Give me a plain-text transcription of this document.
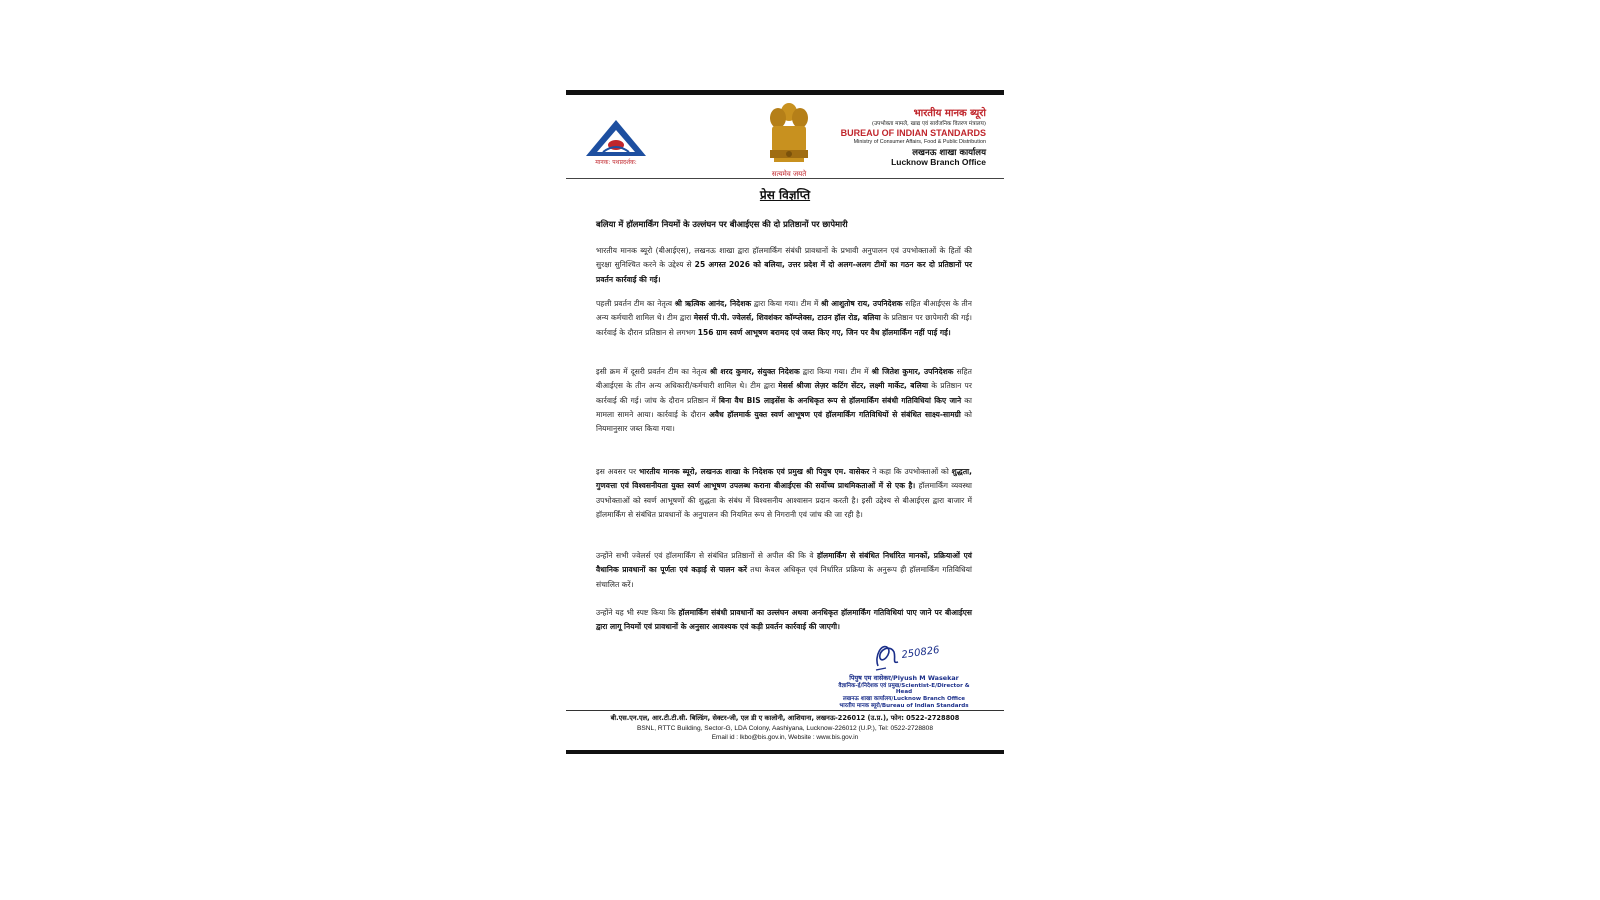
मानक: पथप्रदर्शक:
सत्यमेव जयते
भारतीय मानक ब्यूरो
(उपभोक्ता मामले, खाद्य एवं सार्वजनिक वितरण मंत्रालय)
BUREAU OF INDIAN STANDARDS
Ministry of Consumer Affairs, Food & Public Distribution
लखनऊ शाखा कार्यालय
Lucknow Branch Office
प्रेस विज्ञप्ति
बलिया में हॉलमार्किंग नियमों के उल्लंघन पर बीआईएस की दो प्रतिष्ठानों पर छापेमारी
भारतीय मानक ब्यूरो (बीआईएस), लखनऊ शाखा द्वारा हॉलमार्किंग संबंधी प्रावधानों के प्रभावी अनुपालन एवं उपभोक्ताओं के हितों की सुरक्षा सुनिश्चित करने के उद्देश्य से 25 अगस्त 2026 को बलिया, उत्तर प्रदेश में दो अलग-अलग टीमों का गठन कर दो प्रतिष्ठानों पर प्रवर्तन कार्रवाई की गई।
पहली प्रवर्तन टीम का नेतृत्व श्री ऋत्विक आनंद, निदेशक द्वारा किया गया। टीम में श्री आशुतोष राय, उपनिदेशक सहित बीआईएस के तीन अन्य कर्मचारी शामिल थे। टीम द्वारा मेसर्स पी.पी. ज्वेलर्स, शिवशंकर कॉम्प्लेक्स, टाउन हॉल रोड, बलिया के प्रतिष्ठान पर छापेमारी की गई। कार्रवाई के दौरान प्रतिष्ठान से लगभग 156 ग्राम स्वर्ण आभूषण बरामद एवं जब्त किए गए, जिन पर वैध हॉलमार्किंग नहीं पाई गई।
इसी क्रम में दूसरी प्रवर्तन टीम का नेतृत्व श्री शरद कुमार, संयुक्त निदेशक द्वारा किया गया। टीम में श्री जितेश कुमार, उपनिदेशक सहित बीआईएस के तीन अन्य अधिकारी/कर्मचारी शामिल थे। टीम द्वारा मेसर्स श्रीजा लेज़र कटिंग सेंटर, लक्ष्मी मार्केट, बलिया के प्रतिष्ठान पर कार्रवाई की गई। जांच के दौरान प्रतिष्ठान में बिना वैध BIS लाइसेंस के अनधिकृत रूप से हॉलमार्किंग संबंधी गतिविधियां किए जाने का मामला सामने आया। कार्रवाई के दौरान अवैध हॉलमार्क युक्त स्वर्ण आभूषण एवं हॉलमार्किंग गतिविधियों से संबंधित साक्ष्य-सामग्री को नियमानुसार जब्त किया गया।
इस अवसर पर भारतीय मानक ब्यूरो, लखनऊ शाखा के निदेशक एवं प्रमुख श्री पियुष एम. वासेकर ने कहा कि उपभोक्ताओं को शुद्धता, गुणवत्ता एवं विश्वसनीयता युक्त स्वर्ण आभूषण उपलब्ध कराना बीआईएस की सर्वोच्च प्राथमिकताओं में से एक है। हॉलमार्किंग व्यवस्था उपभोक्ताओं को स्वर्ण आभूषणों की शुद्धता के संबंध में विश्वसनीय आश्वासन प्रदान करती है। इसी उद्देश्य से बीआईएस द्वारा बाजार में हॉलमार्किंग से संबंधित प्रावधानों के अनुपालन की नियमित रूप से निगरानी एवं जांच की जा रही है।
उन्होंने सभी ज्वेलर्स एवं हॉलमार्किंग से संबंधित प्रतिष्ठानों से अपील की कि वे हॉलमार्किंग से संबंधित निर्धारित मानकों, प्रक्रियाओं एवं वैधानिक प्रावधानों का पूर्णतः एवं कड़ाई से पालन करें तथा केवल अधिकृत एवं निर्धारित प्रक्रिया के अनुरूप ही हॉलमार्किंग गतिविधियां संचालित करें।
उन्होंने यह भी स्पष्ट किया कि हॉलमार्किंग संबंधी प्रावधानों का उल्लंघन अथवा अनधिकृत हॉलमार्किंग गतिविधियां पाए जाने पर बीआईएस द्वारा लागू नियमों एवं प्रावधानों के अनुसार आवश्यक एवं कड़ी प्रवर्तन कार्रवाई की जाएगी।
250826
पियुष एम वासेकर/Piyush M Wasekar
वैज्ञानिक-ई/निदेशक एवं प्रमुख/Scientist-E/Director & Head
लखनऊ शाखा कार्यालय/Lucknow Branch Office
भारतीय मानक ब्यूरो/Bureau of Indian Standards
बी.एस.एन.एल, आर.टी.टी.सी. बिल्डिंग, सेक्टर-जी, एल डी ए कालोनी, आशियाना, लखनऊ-226012 (उ.प्र.), फोन: 0522-2728808
BSNL, RTTC Building, Sector-G, LDA Colony, Aashiyana, Lucknow-226012 (U.P.), Tel: 0522-2728808
Email id : lkbo@bis.gov.in, Website : www.bis.gov.in
